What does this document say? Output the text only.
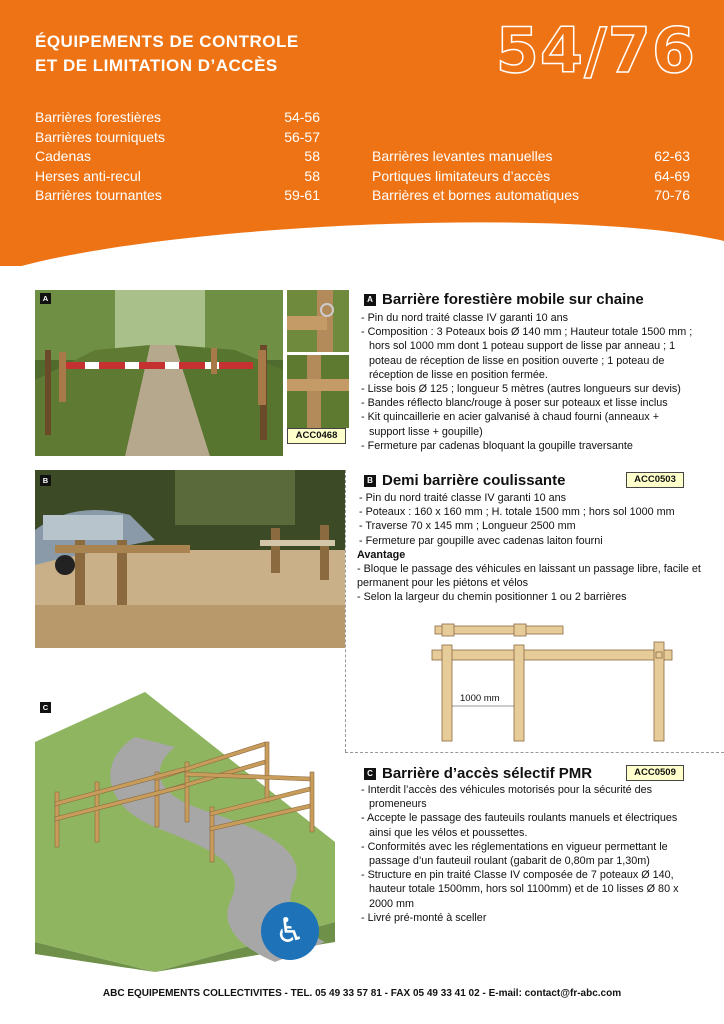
ÉQUIPEMENTS DE CONTROLE
ET DE LIMITATION D’ACCÈS	54/76
Barrières forestières	54-56
Barrières tourniquets	56-57
Cadenas	58
Herses anti-recul	58
Barrières tournantes	59-61
Barrières levantes manuelles	62-63
Portiques limitateurs d’accès	64-69
Barrières et bornes automatiques	70-76
A
ACC0468
A Barrière forestière mobile sur chaine
- Pin du nord traité classe IV garanti 10 ans
- Composition : 3 Poteaux bois Ø 140 mm ; Hauteur totale 1500 mm ; hors sol 1000 mm dont 1 poteau support de lisse par anneau ; 1 poteau de réception de lisse en position ouverte ; 1 poteau de réception de lisse en position fermée.
- Lisse bois Ø 125 ; longueur 5 mètres (autres longueurs sur devis)
- Bandes réflecto blanc/rouge à poser sur poteaux et lisse inclus
- Kit quincaillerie en acier galvanisé à chaud fourni (anneaux + support lisse + goupille)
- Fermeture par cadenas bloquant la goupille traversante
B	B Demi barrière coulissante	ACC0503
- Pin du nord traité classe IV garanti 10 ans
- Poteaux : 160 x 160 mm ; H. totale 1500 mm ; hors sol 1000 mm
- Traverse 70 x 145 mm ; Longueur 2500 mm
- Fermeture par goupille avec cadenas laiton fourni
Avantage
- Bloque le passage des véhicules en laissant un passage libre, facile et permanent pour les piétons et vélos
- Selon la largeur du chemin positionner 1 ou 2 barrières
1000 mm
♿
C
C Barrière d’accès sélectif PMR	ACC0509
- Interdit l’accès des véhicules motorisés pour la sécurité des promeneurs
- Accepte le passage des fauteuils roulants manuels et électriques ainsi que les vélos et poussettes.
- Conformités avec les réglementations en vigueur permettant le passage d’un fauteuil roulant (gabarit de 0,80m par 1,30m)
- Structure en pin traité Classe IV composée de 7 poteaux Ø 140, hauteur totale 1500mm, hors sol 1100mm) et de 10 lisses Ø 80 x 2000 mm
- Livré pré-monté à sceller
ABC EQUIPEMENTS COLLECTIVITES - TEL. 05 49 33 57 81 - FAX 05 49 33 41 02 - E-mail: contact@fr-abc.com
